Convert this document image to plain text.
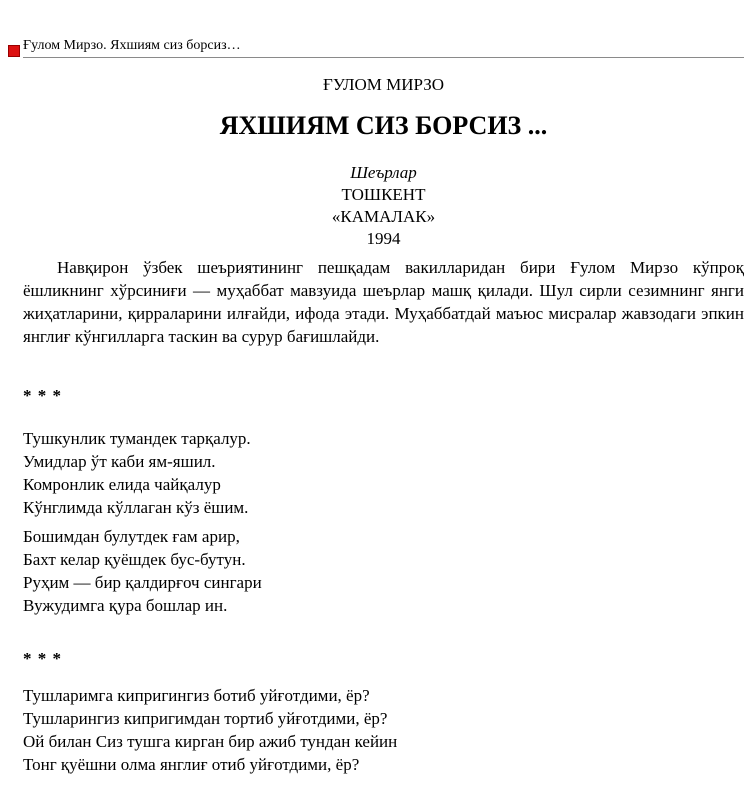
Ғулом Мирзо. Яхшиям сиз борсиз…
ҒУЛОМ МИРЗО
ЯХШИЯМ СИЗ БОРСИЗ ...
Шеърлар
ТОШКЕНТ
«КАМАЛАК»
1994

Навқирон ўзбек шеъриятининг пешқадам вакилларидан бири Ғулом Мирзо кўпроқ ёшликнинг хўрсиниғи — муҳаббат мавзуида шеърлар машқ қилади. Шул сирли сезимнинг янги жиҳатларини, қирраларини илғайди, ифода этади. Муҳаббатдай маъюс мисралар жавзодаги эпкин янглиғ кўнгилларга таскин ва сурур бағишлайди.

* * *
Тушкунлик тумандек тарқалур.
Умидлар ўт каби ям-яшил.
Комронлик елида чайқалур
Кўнглимда кўллаган кўз ёшим.
Бошимдан булутдек ғам арир,
Бахт келар қуёшдек бус-бутун.
Руҳим — бир қалдирғоч сингари
Вужудимга қура бошлар ин.
* * *
Тушларимга кипригингиз ботиб уйғотдими, ёр?
Тушларингиз кипригимдан тортиб уйғотдими, ёр?
Ой билан Сиз тушга кирган бир ажиб тундан кейин
Тонг қуёшни олма янглиғ отиб уйғотдими, ёр?
